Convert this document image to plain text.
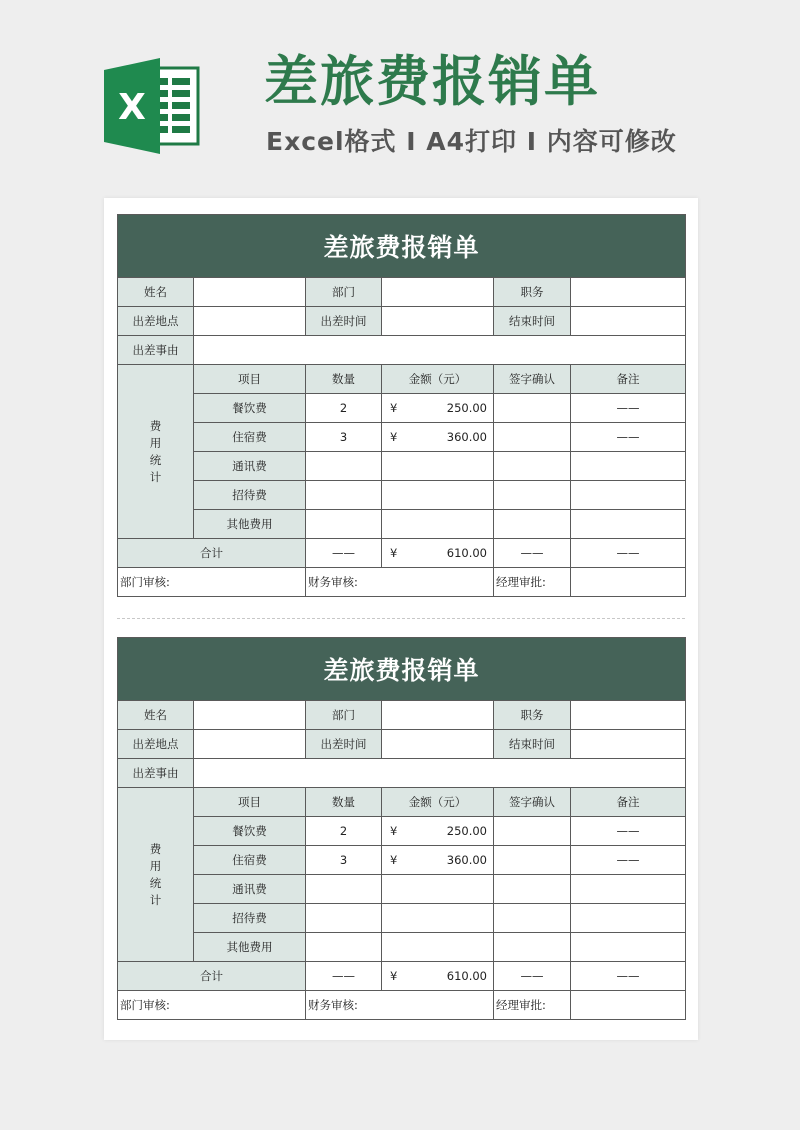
X 差旅费报销单
Excel格式 Ⅰ A4打印 Ⅰ 内容可修改
差旅费报销单					
姓名		部门		职务	
出差地点		出差时间		结束时间	
出差事由					
费
用
统
计	项目	数量	金额（元）	签字确认	备注
	餐饮费	2	¥ 250.00		——
	住宿费	3	¥ 360.00		——
	通讯费				
	招待费				
	其他费用				
合计		——	¥ 610.00	——	——
部门审核:		财务审核:		经理审批:	
差旅费报销单					
姓名		部门		职务	
出差地点		出差时间		结束时间	
出差事由					
费
用
统
计	项目	数量	金额（元）	签字确认	备注
	餐饮费	2	¥ 250.00		——
	住宿费	3	¥ 360.00		——
	通讯费				
	招待费				
	其他费用				
合计		——	¥ 610.00	——	——
部门审核:		财务审核:		经理审批:	
